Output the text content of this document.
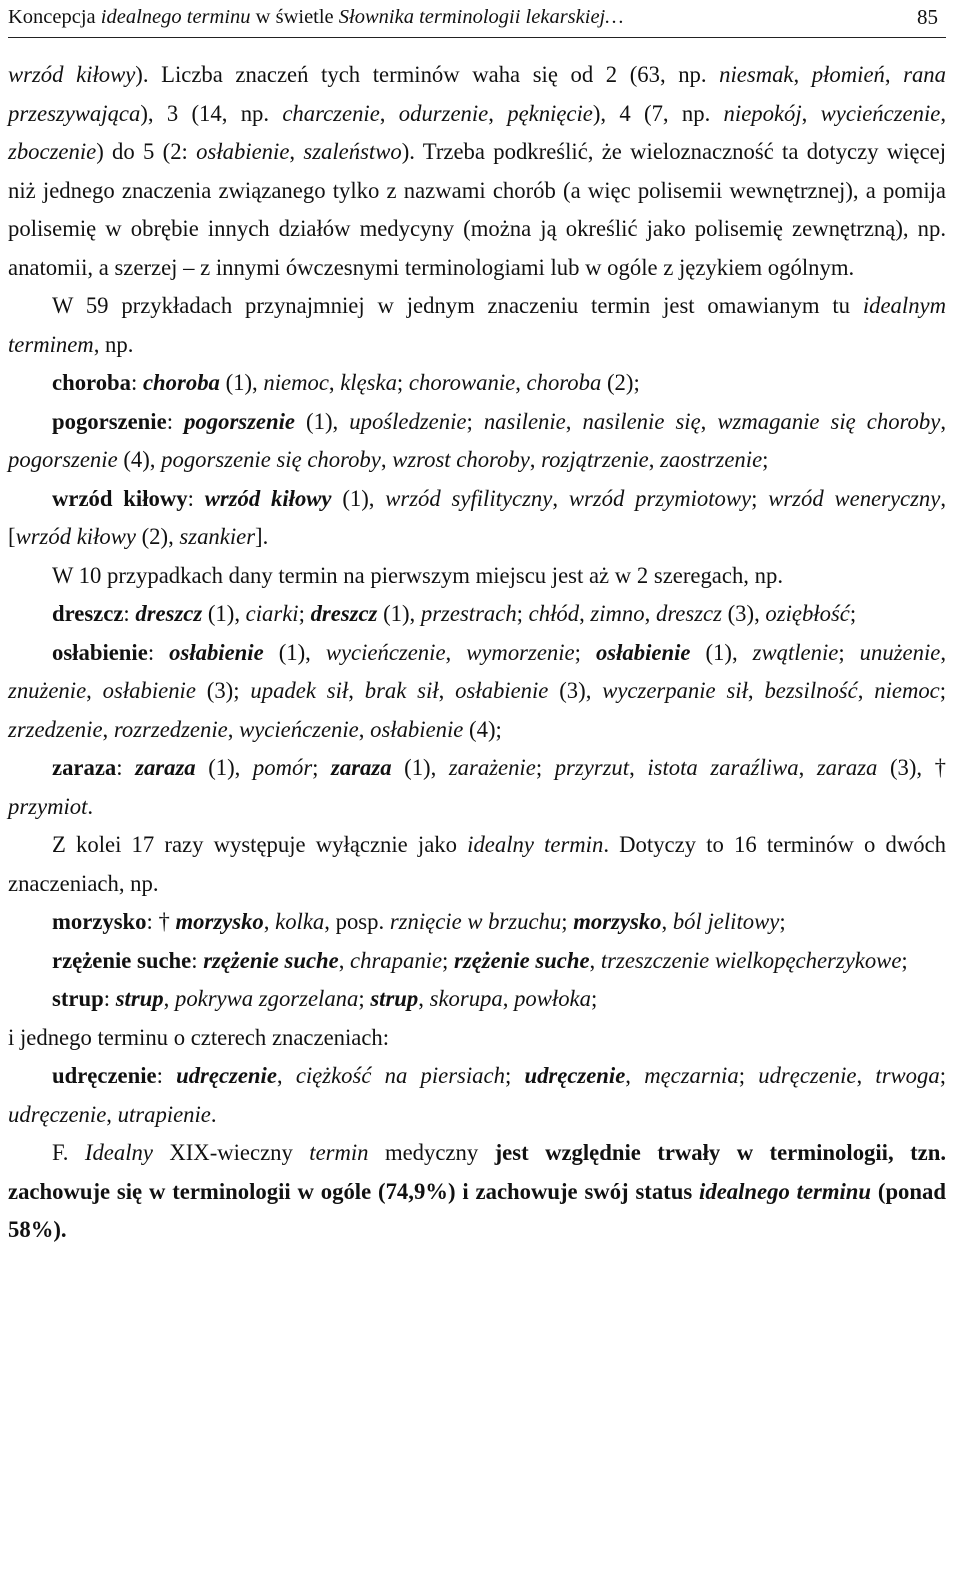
Koncepcja idealnego terminu w świetle Słownika terminologii lekarskiej…	85

wrzód kiłowy). Liczba znaczeń tych terminów waha się od 2 (63, np. niesmak, płomień, rana przeszywająca), 3 (14, np. charczenie, odurzenie, pęknięcie), 4 (7, np. niepokój, wycieńczenie, zboczenie) do 5 (2: osłabienie, szaleństwo). Trzeba podkreślić, że wieloznaczność ta dotyczy więcej niż jednego znaczenia związanego tylko z nazwami chorób (a więc polisemii wewnętrznej), a pomija polisemię w obrębie innych działów medycyny (można ją określić jako polisemię zewnętrzną), np. anatomii, a szerzej – z innymi ówczesnymi terminologiami lub w ogóle z językiem ogólnym.

W 59 przykładach przynajmniej w jednym znaczeniu termin jest omawianym tu idealnym terminem, np.

choroba: choroba (1), niemoc, klęska; chorowanie, choroba (2);

pogorszenie: pogorszenie (1), upośledzenie; nasilenie, nasilenie się, wzmaganie się choroby, pogorszenie (4), pogorszenie się choroby, wzrost choroby, rozjątrzenie, zaostrzenie;

wrzód kiłowy: wrzód kiłowy (1), wrzód syfilityczny, wrzód przymiotowy; wrzód weneryczny, [wrzód kiłowy (2), szankier].

W 10 przypadkach dany termin na pierwszym miejscu jest aż w 2 szeregach, np.

dreszcz: dreszcz (1), ciarki; dreszcz (1), przestrach; chłód, zimno, dreszcz (3), oziębłość;

osłabienie: osłabienie (1), wycieńczenie, wymorzenie; osłabienie (1), zwątlenie; unużenie, znużenie, osłabienie (3); upadek sił, brak sił, osłabienie (3), wyczerpanie sił, bezsilność, niemoc; zrzedzenie, rozrzedzenie, wycieńczenie, osłabienie (4);

zaraza: zaraza (1), pomór; zaraza (1), zarażenie; przyrzut, istota zaraźliwa, zaraza (3), † przymiot.

Z kolei 17 razy występuje wyłącznie jako idealny termin. Dotyczy to 16 terminów o dwóch znaczeniach, np.

morzysko: † morzysko, kolka, posp. rznięcie w brzuchu; morzysko, ból jelitowy;

rzężenie suche: rzężenie suche, chrapanie; rzężenie suche, trzeszczenie wielkopęcherzykowe;

strup: strup, pokrywa zgorzelana; strup, skorupa, powłoka;

i jednego terminu o czterech znaczeniach:

udręczenie: udręczenie, ciężkość na piersiach; udręczenie, męczarnia; udręczenie, trwoga; udręczenie, utrapienie.

F. Idealny XIX-wieczny termin medyczny jest względnie trwały w terminologii, tzn. zachowuje się w terminologii w ogóle (74,9%) i zachowuje swój status idealnego terminu (ponad 58%).
